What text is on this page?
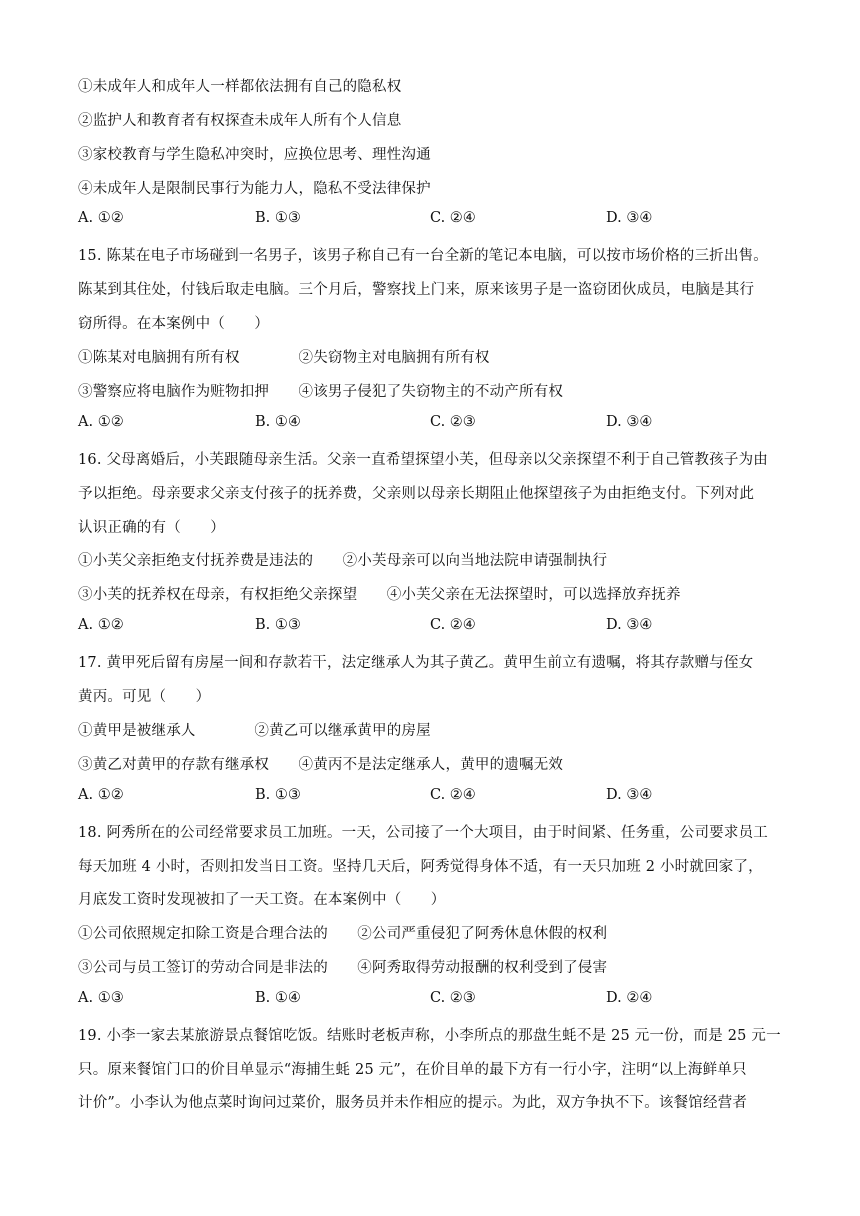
①未成年人和成年人一样都依法拥有自己的隐私权
②监护人和教育者有权探查未成年人所有个人信息
③家校教育与学生隐私冲突时，应换位思考、理性沟通
④未成年人是限制民事行为能力人，隐私不受法律保护
A. ①②	B. ①③	C. ②④	D. ③④
15. 陈某在电子市场碰到一名男子，该男子称自己有一台全新的笔记本电脑，可以按市场价格的三折出售。
陈某到其住处，付钱后取走电脑。三个月后，警察找上门来，原来该男子是一盗窃团伙成员，电脑是其行
窃所得。在本案例中（　　）
①陈某对电脑拥有所有权　　　　②失窃物主对电脑拥有所有权
③警察应将电脑作为赃物扣押　　④该男子侵犯了失窃物主的不动产所有权
A. ①②	B. ①④	C. ②③	D. ③④
16. 父母离婚后，小芙跟随母亲生活。父亲一直希望探望小芙，但母亲以父亲探望不利于自己管教孩子为由
予以拒绝。母亲要求父亲支付孩子的抚养费，父亲则以母亲长期阻止他探望孩子为由拒绝支付。下列对此
认识正确的有（　　）
①小芙父亲拒绝支付抚养费是违法的　　②小芙母亲可以向当地法院申请强制执行
③小芙的抚养权在母亲，有权拒绝父亲探望　　④小芙父亲在无法探望时，可以选择放弃抚养
A. ①②	B. ①③	C. ②④	D. ③④
17. 黄甲死后留有房屋一间和存款若干，法定继承人为其子黄乙。黄甲生前立有遗嘱，将其存款赠与侄女
黄丙。可见（　　）
①黄甲是被继承人　　　　②黄乙可以继承黄甲的房屋
③黄乙对黄甲的存款有继承权　　④黄丙不是法定继承人，黄甲的遗嘱无效
A. ①②	B. ①③	C. ②④	D. ③④
18. 阿秀所在的公司经常要求员工加班。一天，公司接了一个大项目，由于时间紧、任务重，公司要求员工
每天加班 4 小时，否则扣发当日工资。坚持几天后，阿秀觉得身体不适，有一天只加班 2 小时就回家了，
月底发工资时发现被扣了一天工资。在本案例中（　　）
①公司依照规定扣除工资是合理合法的　　②公司严重侵犯了阿秀休息休假的权利
③公司与员工签订的劳动合同是非法的　　④阿秀取得劳动报酬的权利受到了侵害
A. ①③	B. ①④	C. ②③	D. ②④
19. 小李一家去某旅游景点餐馆吃饭。结账时老板声称，小李所点的那盘生蚝不是 25 元一份，而是 25 元一
只。原来餐馆门口的价目单显示“海捕生蚝 25 元”，在价目单的最下方有一行小字，注明“以上海鲜单只
计价”。小李认为他点菜时询问过菜价，服务员并未作相应的提示。为此，双方争执不下。该餐馆经营者
